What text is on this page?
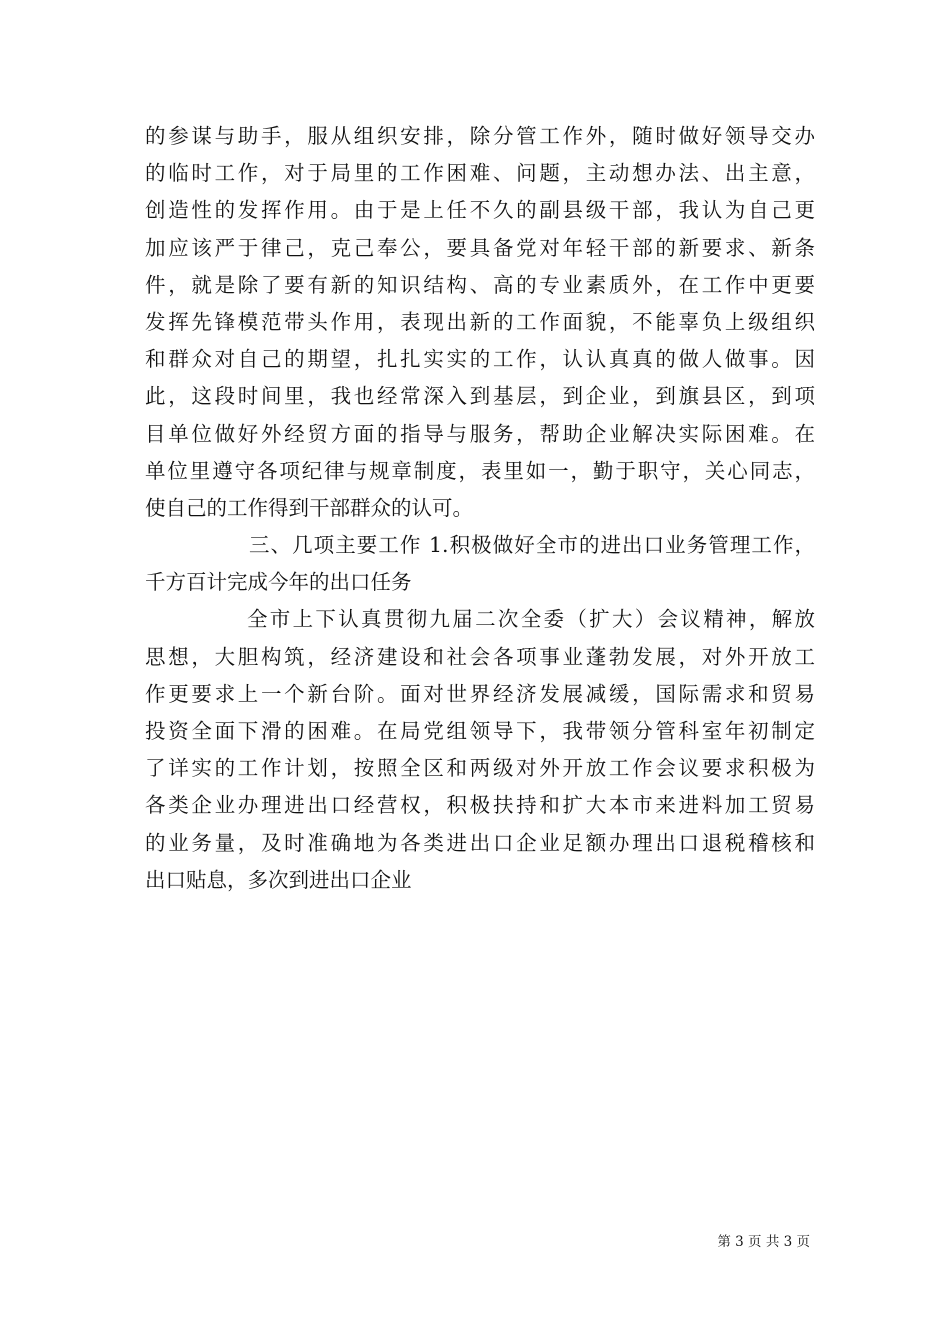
的参谋与助手，服从组织安排，除分管工作外，随时做好领导交办
的临时工作，对于局里的工作困难、问题，主动想办法、出主意，
创造性的发挥作用。由于是上任不久的副县级干部，我认为自己更
加应该严于律己，克己奉公，要具备党对年轻干部的新要求、新条
件，就是除了要有新的知识结构、高的专业素质外，在工作中更要
发挥先锋模范带头作用，表现出新的工作面貌，不能辜负上级组织
和群众对自己的期望，扎扎实实的工作，认认真真的做人做事。因
此，这段时间里，我也经常深入到基层，到企业，到旗县区，到项
目单位做好外经贸方面的指导与服务，帮助企业解决实际困难。在
单位里遵守各项纪律与规章制度，表里如一，勤于职守，关心同志，
使自己的工作得到干部群众的认可。
三、几项主要工作 1.积极做好全市的进出口业务管理工作，
千方百计完成今年的出口任务
全市上下认真贯彻九届二次全委（扩大）会议精神，解放
思想，大胆构筑，经济建设和社会各项事业蓬勃发展，对外开放工
作更要求上一个新台阶。面对世界经济发展减缓，国际需求和贸易
投资全面下滑的困难。在局党组领导下，我带领分管科室年初制定
了详实的工作计划，按照全区和两级对外开放工作会议要求积极为
各类企业办理进出口经营权，积极扶持和扩大本市来进料加工贸易
的业务量，及时准确地为各类进出口企业足额办理出口退税稽核和
出口贴息，多次到进出口企业
第 3 页 共 3 页
